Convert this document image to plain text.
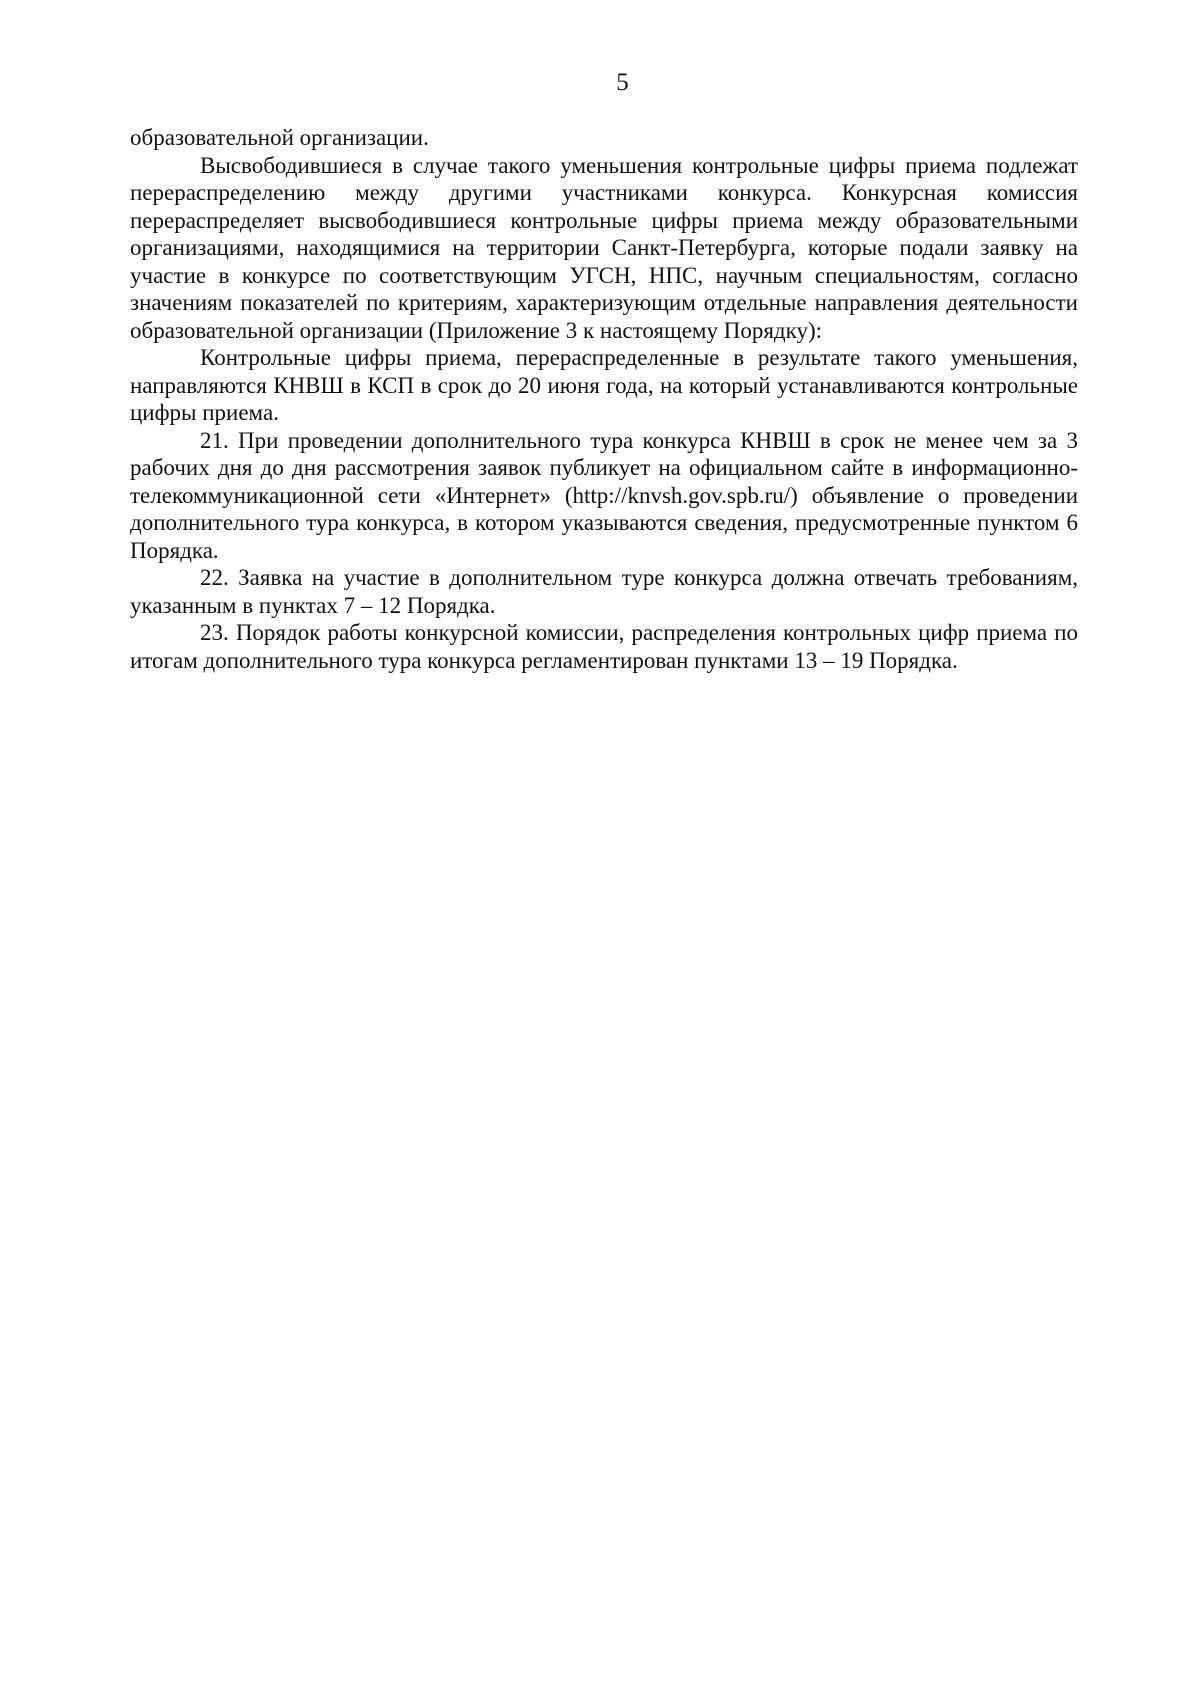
5

образовательной организации.

Высвободившиеся в случае такого уменьшения контрольные цифры приема подлежат перераспределению между другими участниками конкурса. Конкурсная комиссия перераспределяет высвободившиеся контрольные цифры приема между образовательными организациями, находящимися на территории Санкт-Петербурга, которые подали заявку на участие в конкурсе по соответствующим УГСН, НПС, научным специальностям, согласно значениям показателей по критериям, характеризующим отдельные направления деятельности образовательной организации (Приложение 3 к настоящему Порядку):

Контрольные цифры приема, перераспределенные в результате такого уменьшения, направляются КНВШ в КСП в срок до 20 июня года, на который устанавливаются контрольные цифры приема.

21. При проведении дополнительного тура конкурса КНВШ в срок не менее чем за 3 рабочих дня до дня рассмотрения заявок публикует на официальном сайте в информационно-телекоммуникационной сети «Интернет» (http://knvsh.gov.spb.ru/) объявление о проведении дополнительного тура конкурса, в котором указываются сведения, предусмотренные пунктом 6 Порядка.

22. Заявка на участие в дополнительном туре конкурса должна отвечать требованиям, указанным в пунктах 7 – 12 Порядка.

23. Порядок работы конкурсной комиссии, распределения контрольных цифр приема по итогам дополнительного тура конкурса регламентирован пунктами 13 – 19 Порядка.
